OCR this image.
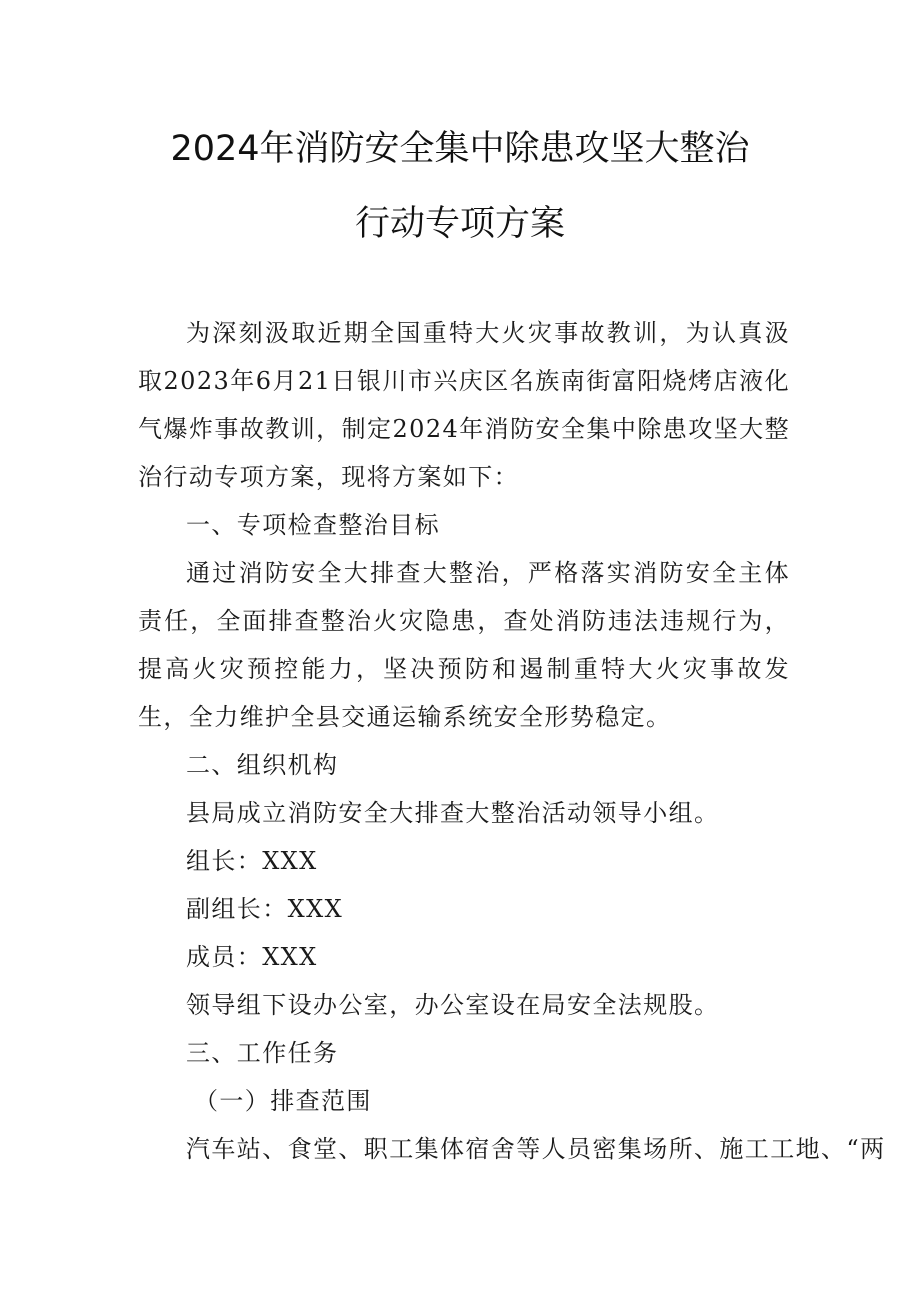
2024年消防安全集中除患攻坚大整治
行动专项方案

为深刻汲取近期全国重特大火灾事故教训，为认真汲取2023年6月21日银川市兴庆区名族南街富阳烧烤店液化气爆炸事故教训，制定2024年消防安全集中除患攻坚大整治行动专项方案，现将方案如下：

一、专项检查整治目标

通过消防安全大排查大整治，严格落实消防安全主体责任，全面排查整治火灾隐患，查处消防违法违规行为，提高火灾预控能力，坚决预防和遏制重特大火灾事故发生，全力维护全县交通运输系统安全形势稳定。

二、组织机构

县局成立消防安全大排查大整治活动领导小组。

组长：XXX

副组长：XXX

成员：XXX

领导组下设办公室，办公室设在局安全法规股。

三、工作任务

（一）排查范围

汽车站、食堂、职工集体宿舍等人员密集场所、施工工地、“两
